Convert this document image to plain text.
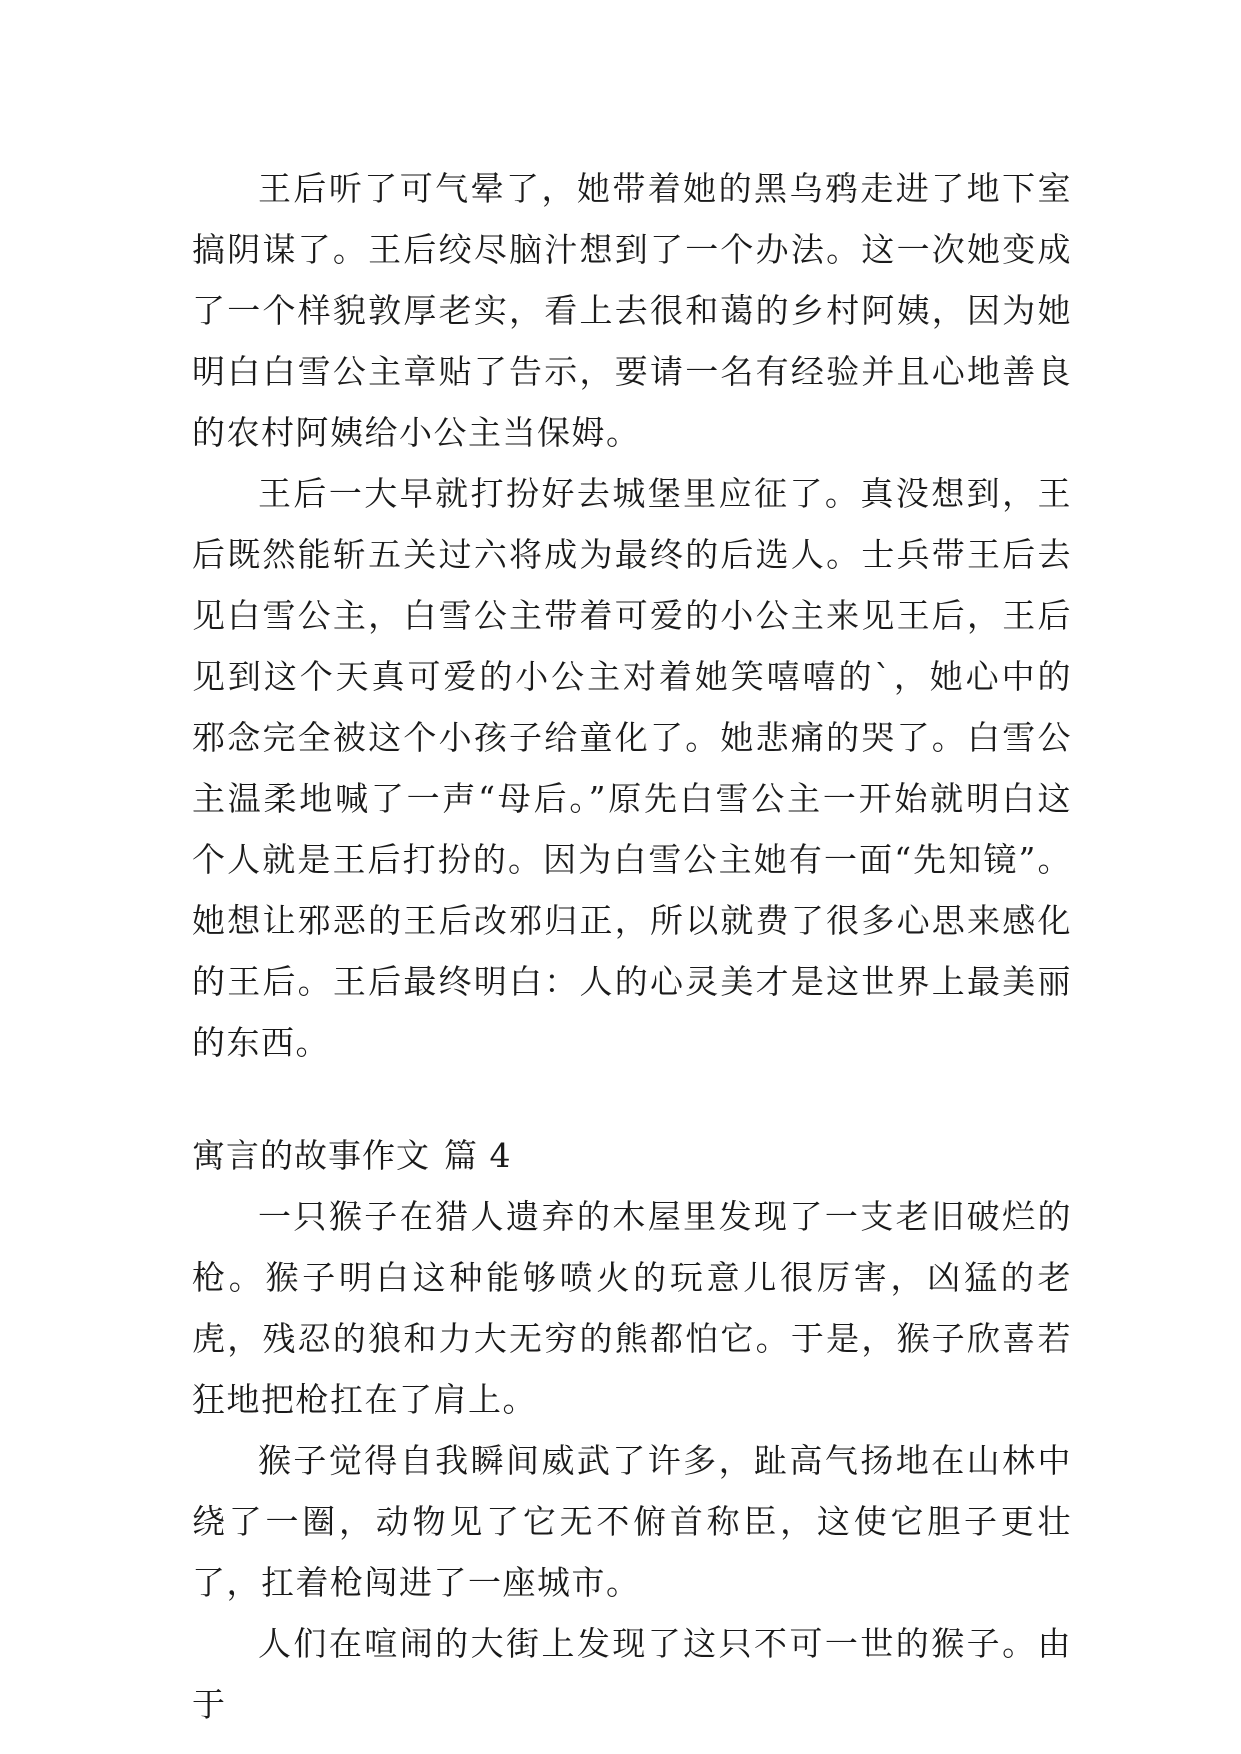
王后听了可气晕了，她带着她的黑乌鸦走进了地下室搞阴谋了。王后绞尽脑汁想到了一个办法。这一次她变成了一个样貌敦厚老实，看上去很和蔼的乡村阿姨，因为她明白白雪公主章贴了告示，要请一名有经验并且心地善良的农村阿姨给小公主当保姆。

王后一大早就打扮好去城堡里应征了。真没想到，王后既然能斩五关过六将成为最终的后选人。士兵带王后去见白雪公主，白雪公主带着可爱的小公主来见王后，王后见到这个天真可爱的小公主对着她笑嘻嘻的`，她心中的邪念完全被这个小孩子给童化了。她悲痛的哭了。白雪公主温柔地喊了一声“母后。”原先白雪公主一开始就明白这个人就是王后打扮的。因为白雪公主她有一面“先知镜”。她想让邪恶的王后改邪归正，所以就费了很多心思来感化的王后。王后最终明白：人的心灵美才是这世界上最美丽的东西。

寓言的故事作文 篇 4

一只猴子在猎人遗弃的木屋里发现了一支老旧破烂的枪。猴子明白这种能够喷火的玩意儿很厉害，凶猛的老虎，残忍的狼和力大无穷的熊都怕它。于是，猴子欣喜若狂地把枪扛在了肩上。

猴子觉得自我瞬间威武了许多，趾高气扬地在山林中绕了一圈，动物见了它无不俯首称臣，这使它胆子更壮了，扛着枪闯进了一座城市。

人们在喧闹的大街上发现了这只不可一世的猴子。由于
